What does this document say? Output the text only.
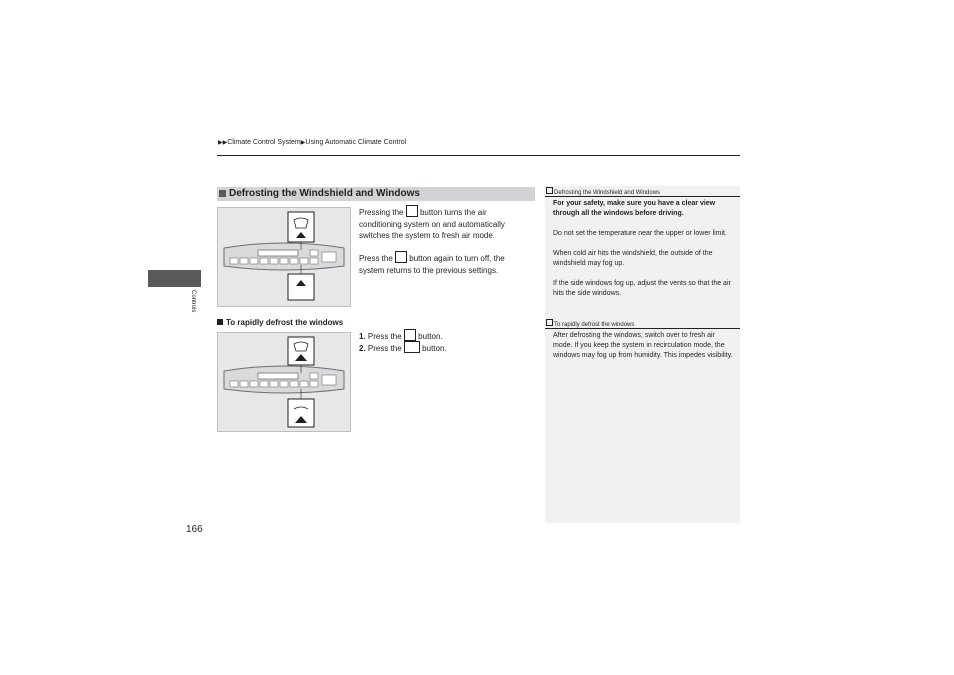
▶▶Climate Control System▶Using Automatic Climate Control
Controls
Defrosting the Windshield and Windows
Pressing the button turns the air conditioning system on and automatically switches the system to fresh air mode.
Press the button again to turn off, the system returns to the previous settings.
To rapidly defrost the windows
1. Press the button.
2. Press the	button.
Defrosting the Windshield and Windows
For your safety, make sure you have a clear view through all the windows before driving.
Do not set the temperature near the upper or lower limit.
When cold air hits the windshield, the outside of the windshield may fog up.
If the side windows fog up, adjust the vents so that the air hits the side windows.
To rapidly defrost the windows
After defrosting the windows, switch over to fresh air mode. If you keep the system in recirculation mode, the windows may fog up from humidity. This impedes visibility.
166
